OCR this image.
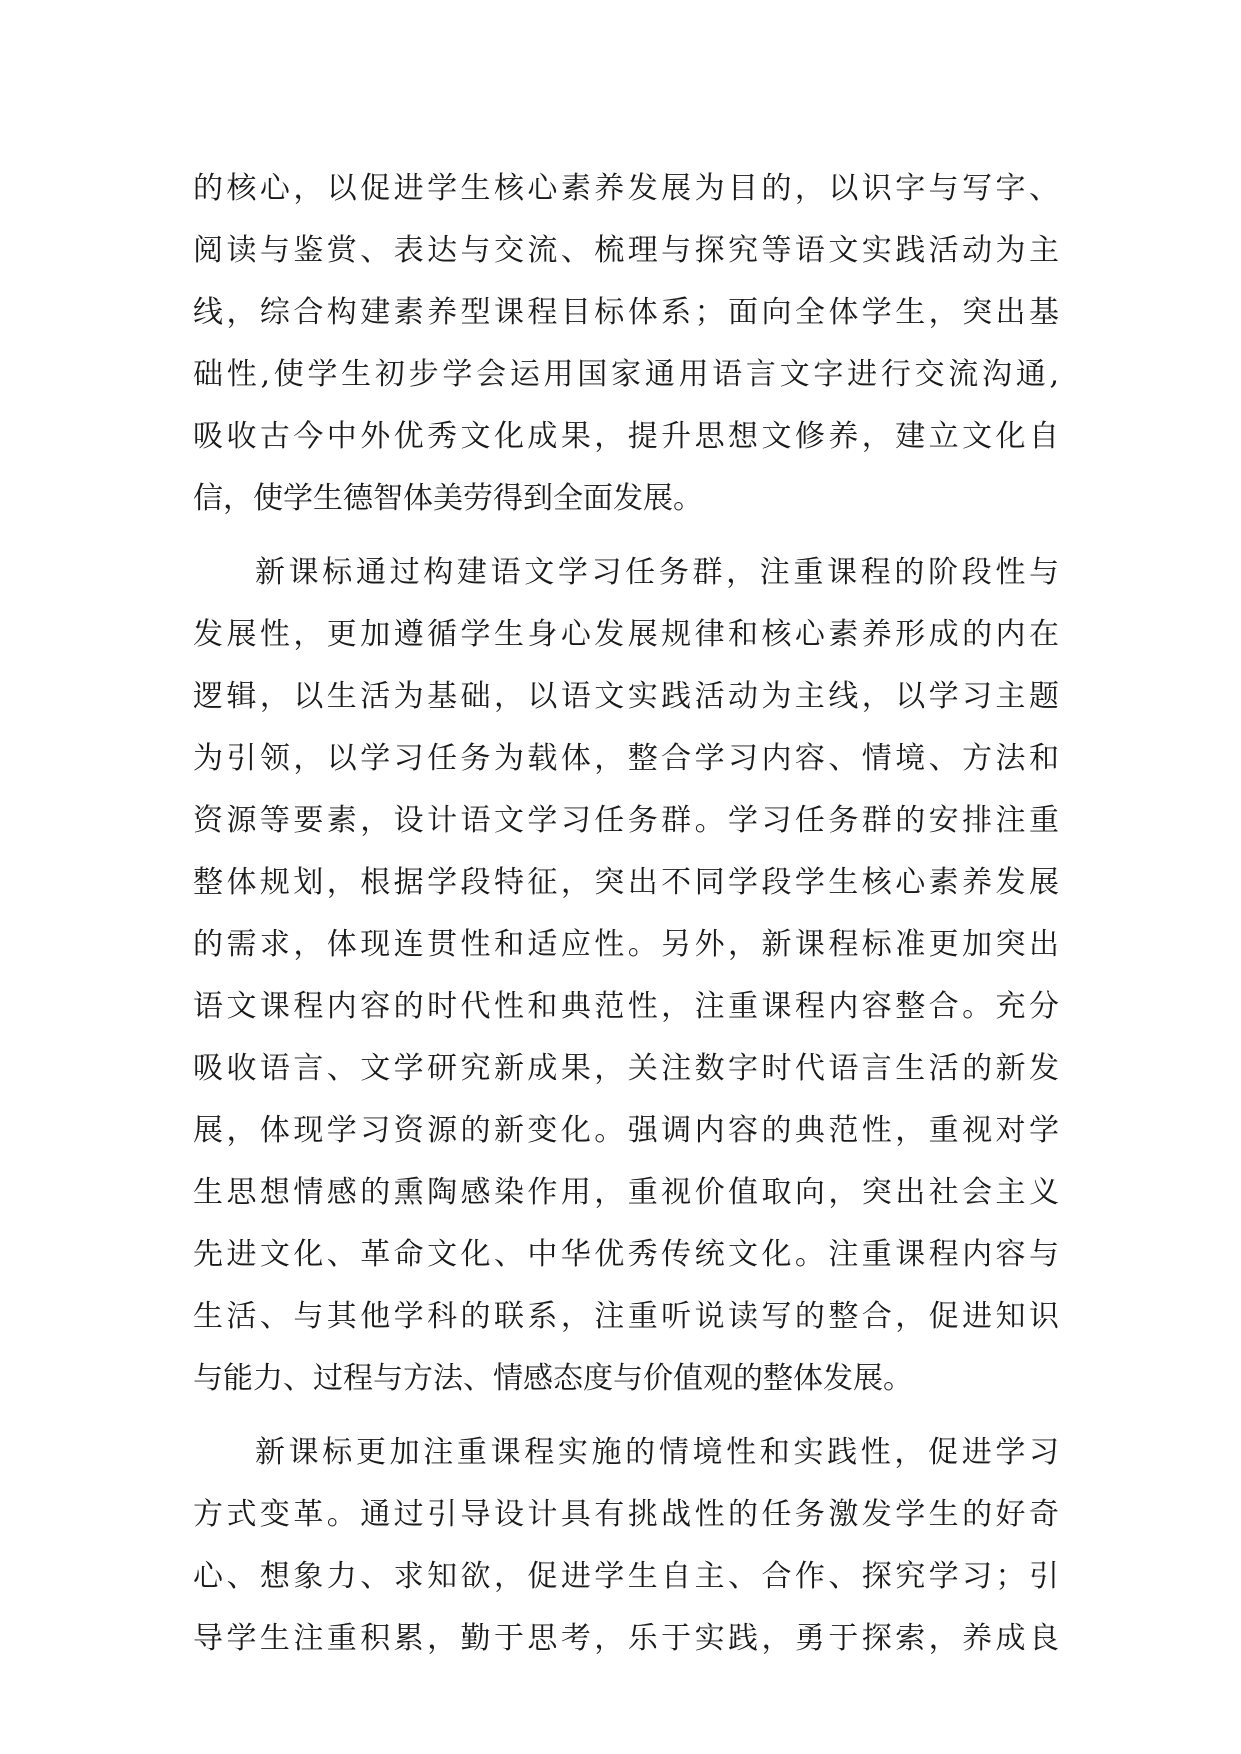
的核心，以促进学生核心素养发展为目的，以识字与写字、
阅读与鉴赏、表达与交流、梳理与探究等语文实践活动为主
线，综合构建素养型课程目标体系；面向全体学生，突出基
础性,使学生初步学会运用国家通用语言文字进行交流沟通,
吸收古今中外优秀文化成果，提升思想文修养，建立文化自
信，使学生德智体美劳得到全面发展。
新课标通过构建语文学习任务群，注重课程的阶段性与
发展性，更加遵循学生身心发展规律和核心素养形成的内在
逻辑，以生活为基础，以语文实践活动为主线，以学习主题
为引领，以学习任务为载体，整合学习内容、情境、方法和
资源等要素，设计语文学习任务群。学习任务群的安排注重
整体规划，根据学段特征，突出不同学段学生核心素养发展
的需求，体现连贯性和适应性。另外，新课程标准更加突出
语文课程内容的时代性和典范性，注重课程内容整合。充分
吸收语言、文学研究新成果，关注数字时代语言生活的新发
展，体现学习资源的新变化。强调内容的典范性，重视对学
生思想情感的熏陶感染作用，重视价值取向，突出社会主义
先进文化、革命文化、中华优秀传统文化。注重课程内容与
生活、与其他学科的联系，注重听说读写的整合，促进知识
与能力、过程与方法、情感态度与价值观的整体发展。
新课标更加注重课程实施的情境性和实践性，促进学习
方式变革。通过引导设计具有挑战性的任务激发学生的好奇
心、想象力、求知欲，促进学生自主、合作、探究学习；引
导学生注重积累，勤于思考，乐于实践，勇于探索，养成良
